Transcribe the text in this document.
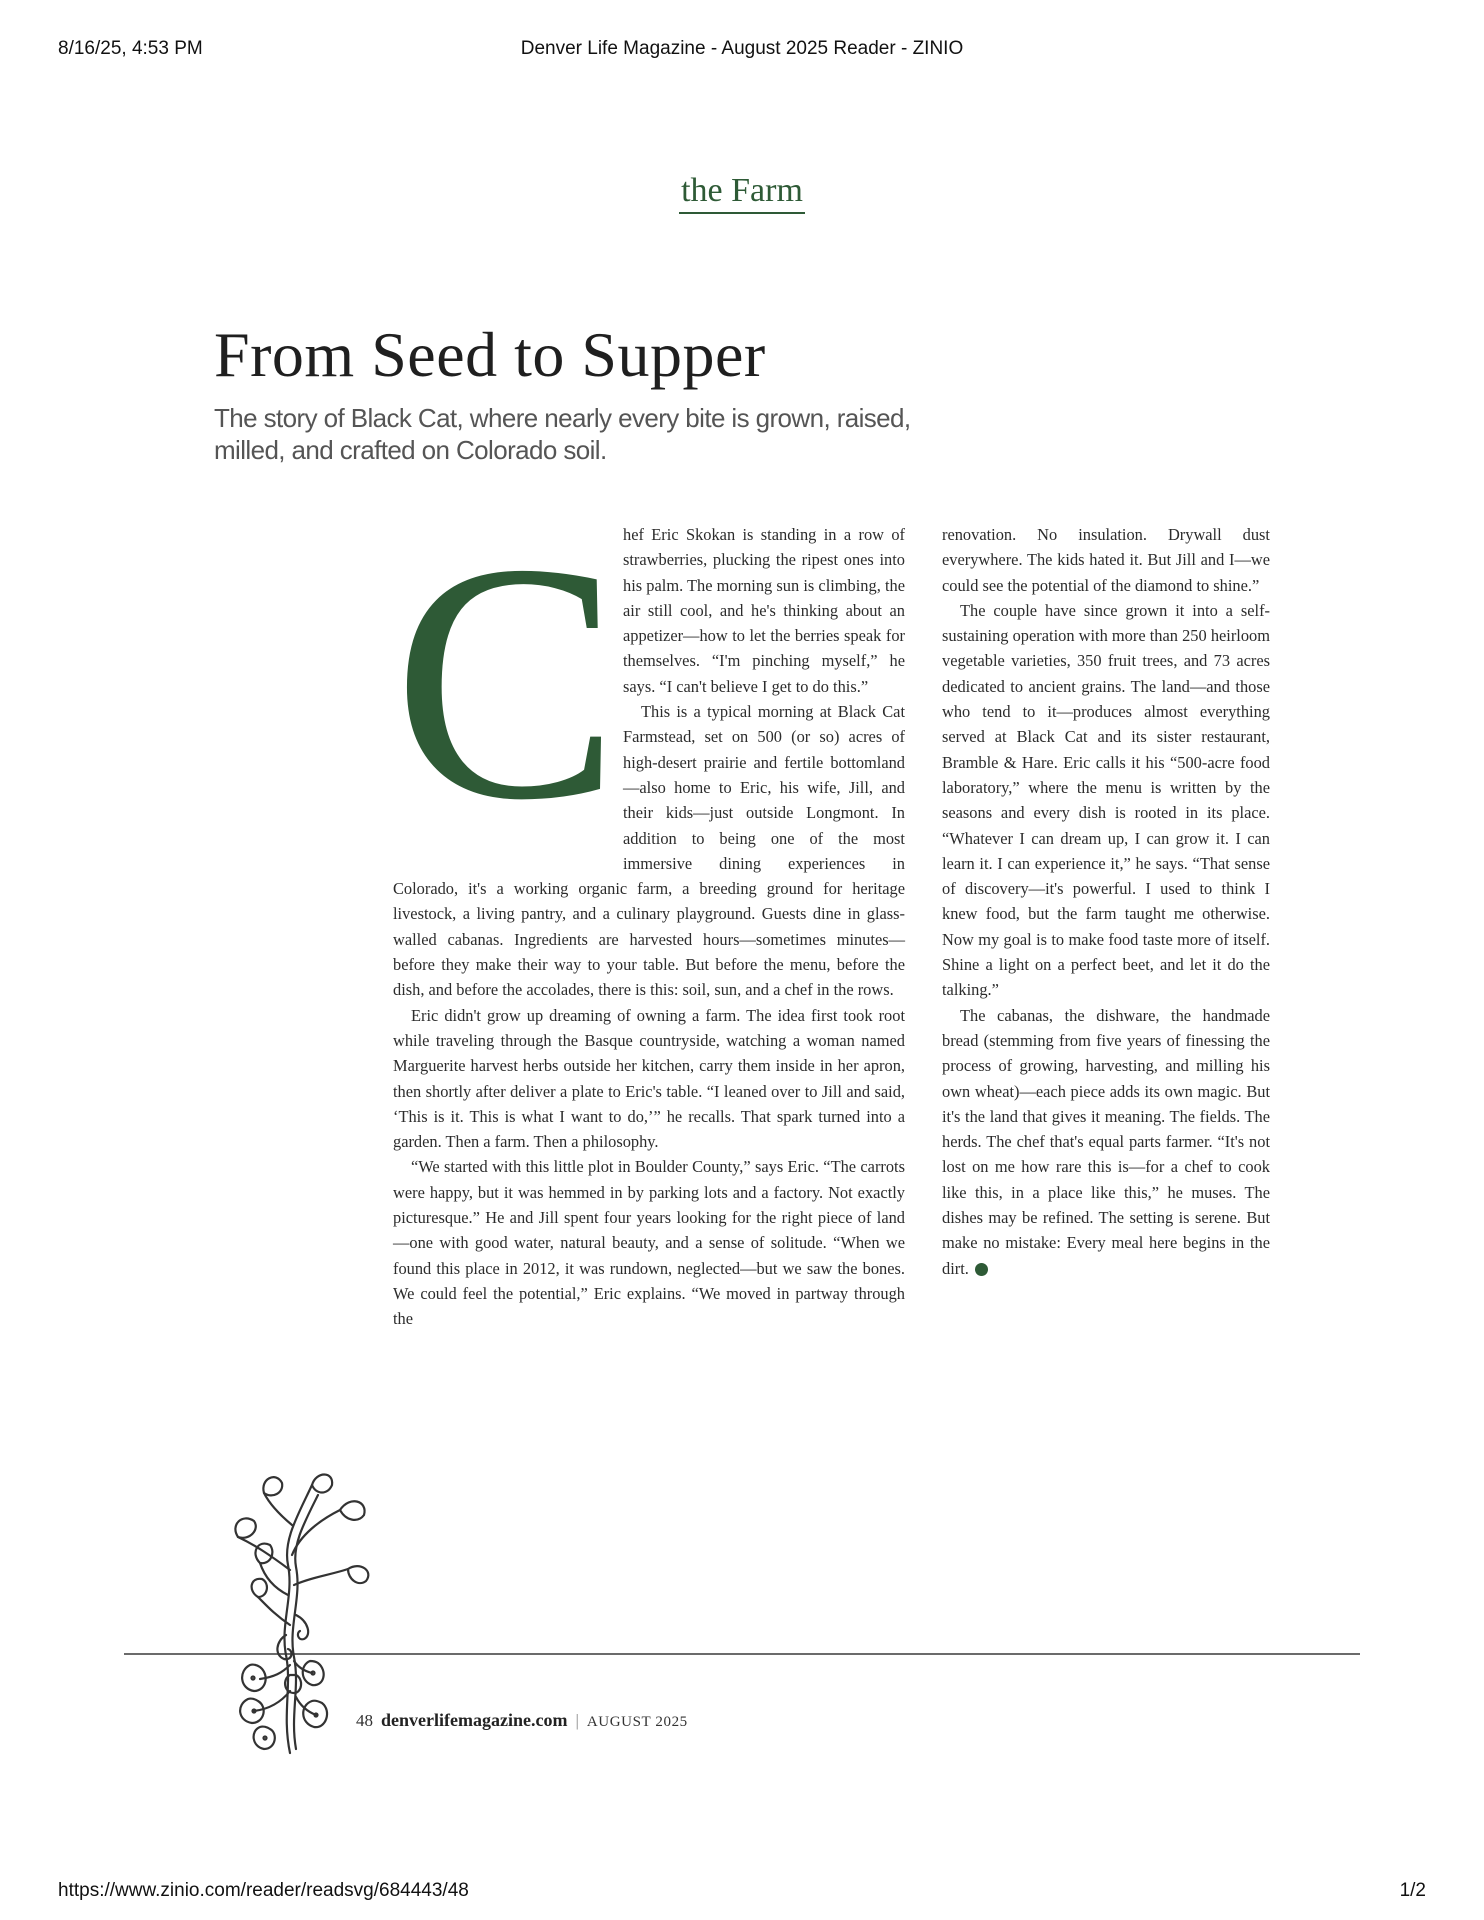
8/16/25, 4:53 PM	Denver Life Magazine - August 2025 Reader - ZINIO
the Farm
From Seed to Supper
The story of Black Cat, where nearly every bite is grown, raised, milled, and crafted on Colorado soil.
C hef Eric Skokan is standing in a row of strawberries, plucking the ripest ones into his palm. The morning sun is climbing, the air still cool, and he's thinking about an appetizer—how to let the berries speak for themselves. “I'm pinching myself,” he says. “I can't believe I get to do this.”

This is a typical morning at Black Cat Farmstead, set on 500 (or so) acres of high-desert prairie and fertile bottomland—also home to Eric, his wife, Jill, and their kids—just outside Longmont. In addition to being one of the most immersive dining experiences in Colorado, it's a working organic farm, a breeding ground for heritage livestock, a living pantry, and a culinary playground. Guests dine in glass-walled cabanas. Ingredients are harvested hours—sometimes minutes—before they make their way to your table. But before the menu, before the dish, and before the accolades, there is this: soil, sun, and a chef in the rows.

Eric didn't grow up dreaming of owning a farm. The idea first took root while traveling through the Basque countryside, watching a woman named Marguerite harvest herbs outside her kitchen, carry them inside in her apron, then shortly after deliver a plate to Eric's table. “I leaned over to Jill and said, ‘This is it. This is what I want to do,’” he recalls. That spark turned into a garden. Then a farm. Then a philosophy.

“We started with this little plot in Boulder County,” says Eric. “The carrots were happy, but it was hemmed in by parking lots and a factory. Not exactly picturesque.” He and Jill spent four years looking for the right piece of land—one with good water, natural beauty, and a sense of solitude. “When we found this place in 2012, it was rundown, neglected—but we saw the bones. We could feel the potential,” Eric explains. “We moved in partway through the

renovation. No insulation. Drywall dust everywhere. The kids hated it. But Jill and I—we could see the potential of the diamond to shine.”

The couple have since grown it into a self-sustaining operation with more than 250 heirloom vegetable varieties, 350 fruit trees, and 73 acres dedicated to ancient grains. The land—and those who tend to it—produces almost everything served at Black Cat and its sister restaurant, Bramble & Hare. Eric calls it his “500-acre food laboratory,” where the menu is written by the seasons and every dish is rooted in its place. “Whatever I can dream up, I can grow it. I can learn it. I can experience it,” he says. “That sense of discovery—it's powerful. I used to think I knew food, but the farm taught me otherwise. Now my goal is to make food taste more of itself. Shine a light on a perfect beet, and let it do the talking.”

The cabanas, the dishware, the handmade bread (stemming from five years of finessing the process of growing, harvesting, and milling his own wheat)—each piece adds its own magic. But it's the land that gives it meaning. The fields. The herds. The chef that's equal parts farmer. “It's not lost on me how rare this is—for a chef to cook like this, in a place like this,” he muses. The dishes may be refined. The setting is serene. But make no mistake: Every meal here begins in the dirt.

48 denverlifemagazine.com | AUGUST 2025
https://www.zinio.com/reader/readsvg/684443/48	1/2
